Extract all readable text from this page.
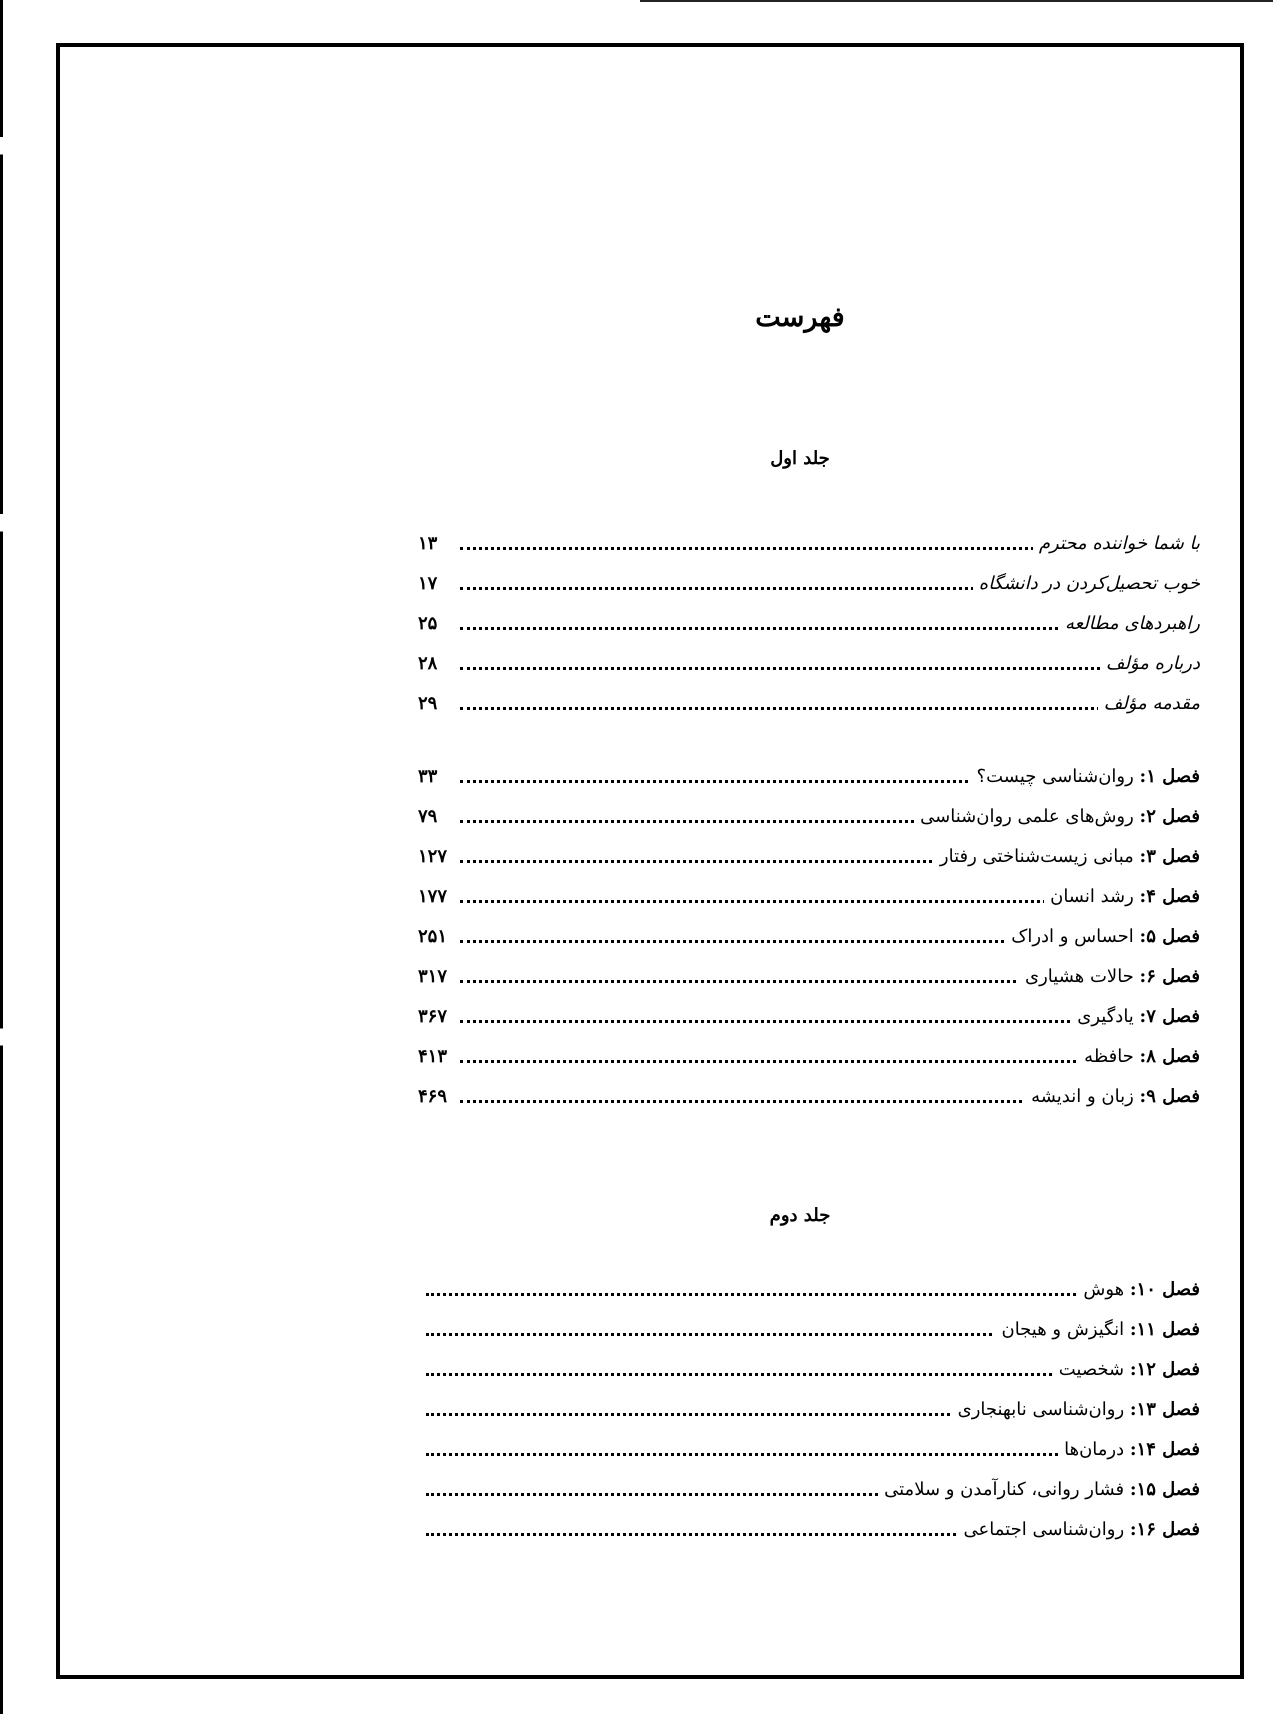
فهرست
جلد اول
با شما خواننده محترم
۱۳
خوب تحصیل‌کردن در دانشگاه
۱۷
راهبردهای مطالعه
۲۵
درباره مؤلف
۲۸
مقدمه مؤلف
۲۹
فصل ۱: روان‌شناسی چیست؟
۳۳
فصل ۲: روش‌های علمی روان‌شناسی
۷۹
فصل ۳: مبانی زیست‌شناختی رفتار
۱۲۷
فصل ۴: رشد انسان
۱۷۷
فصل ۵: احساس و ادراک
۲۵۱
فصل ۶: حالات هشیاری
۳۱۷
فصل ۷: یادگیری
۳۶۷
فصل ۸: حافظه
۴۱۳
فصل ۹: زبان و اندیشه
۴۶۹
جلد دوم
فصل ۱۰: هوش
فصل ۱۱: انگیزش و هیجان
فصل ۱۲: شخصیت
فصل ۱۳: روان‌شناسی نابهنجاری
فصل ۱۴: درمان‌ها
فصل ۱۵: فشار روانی، کنارآمدن و سلامتی
فصل ۱۶: روان‌شناسی اجتماعی
